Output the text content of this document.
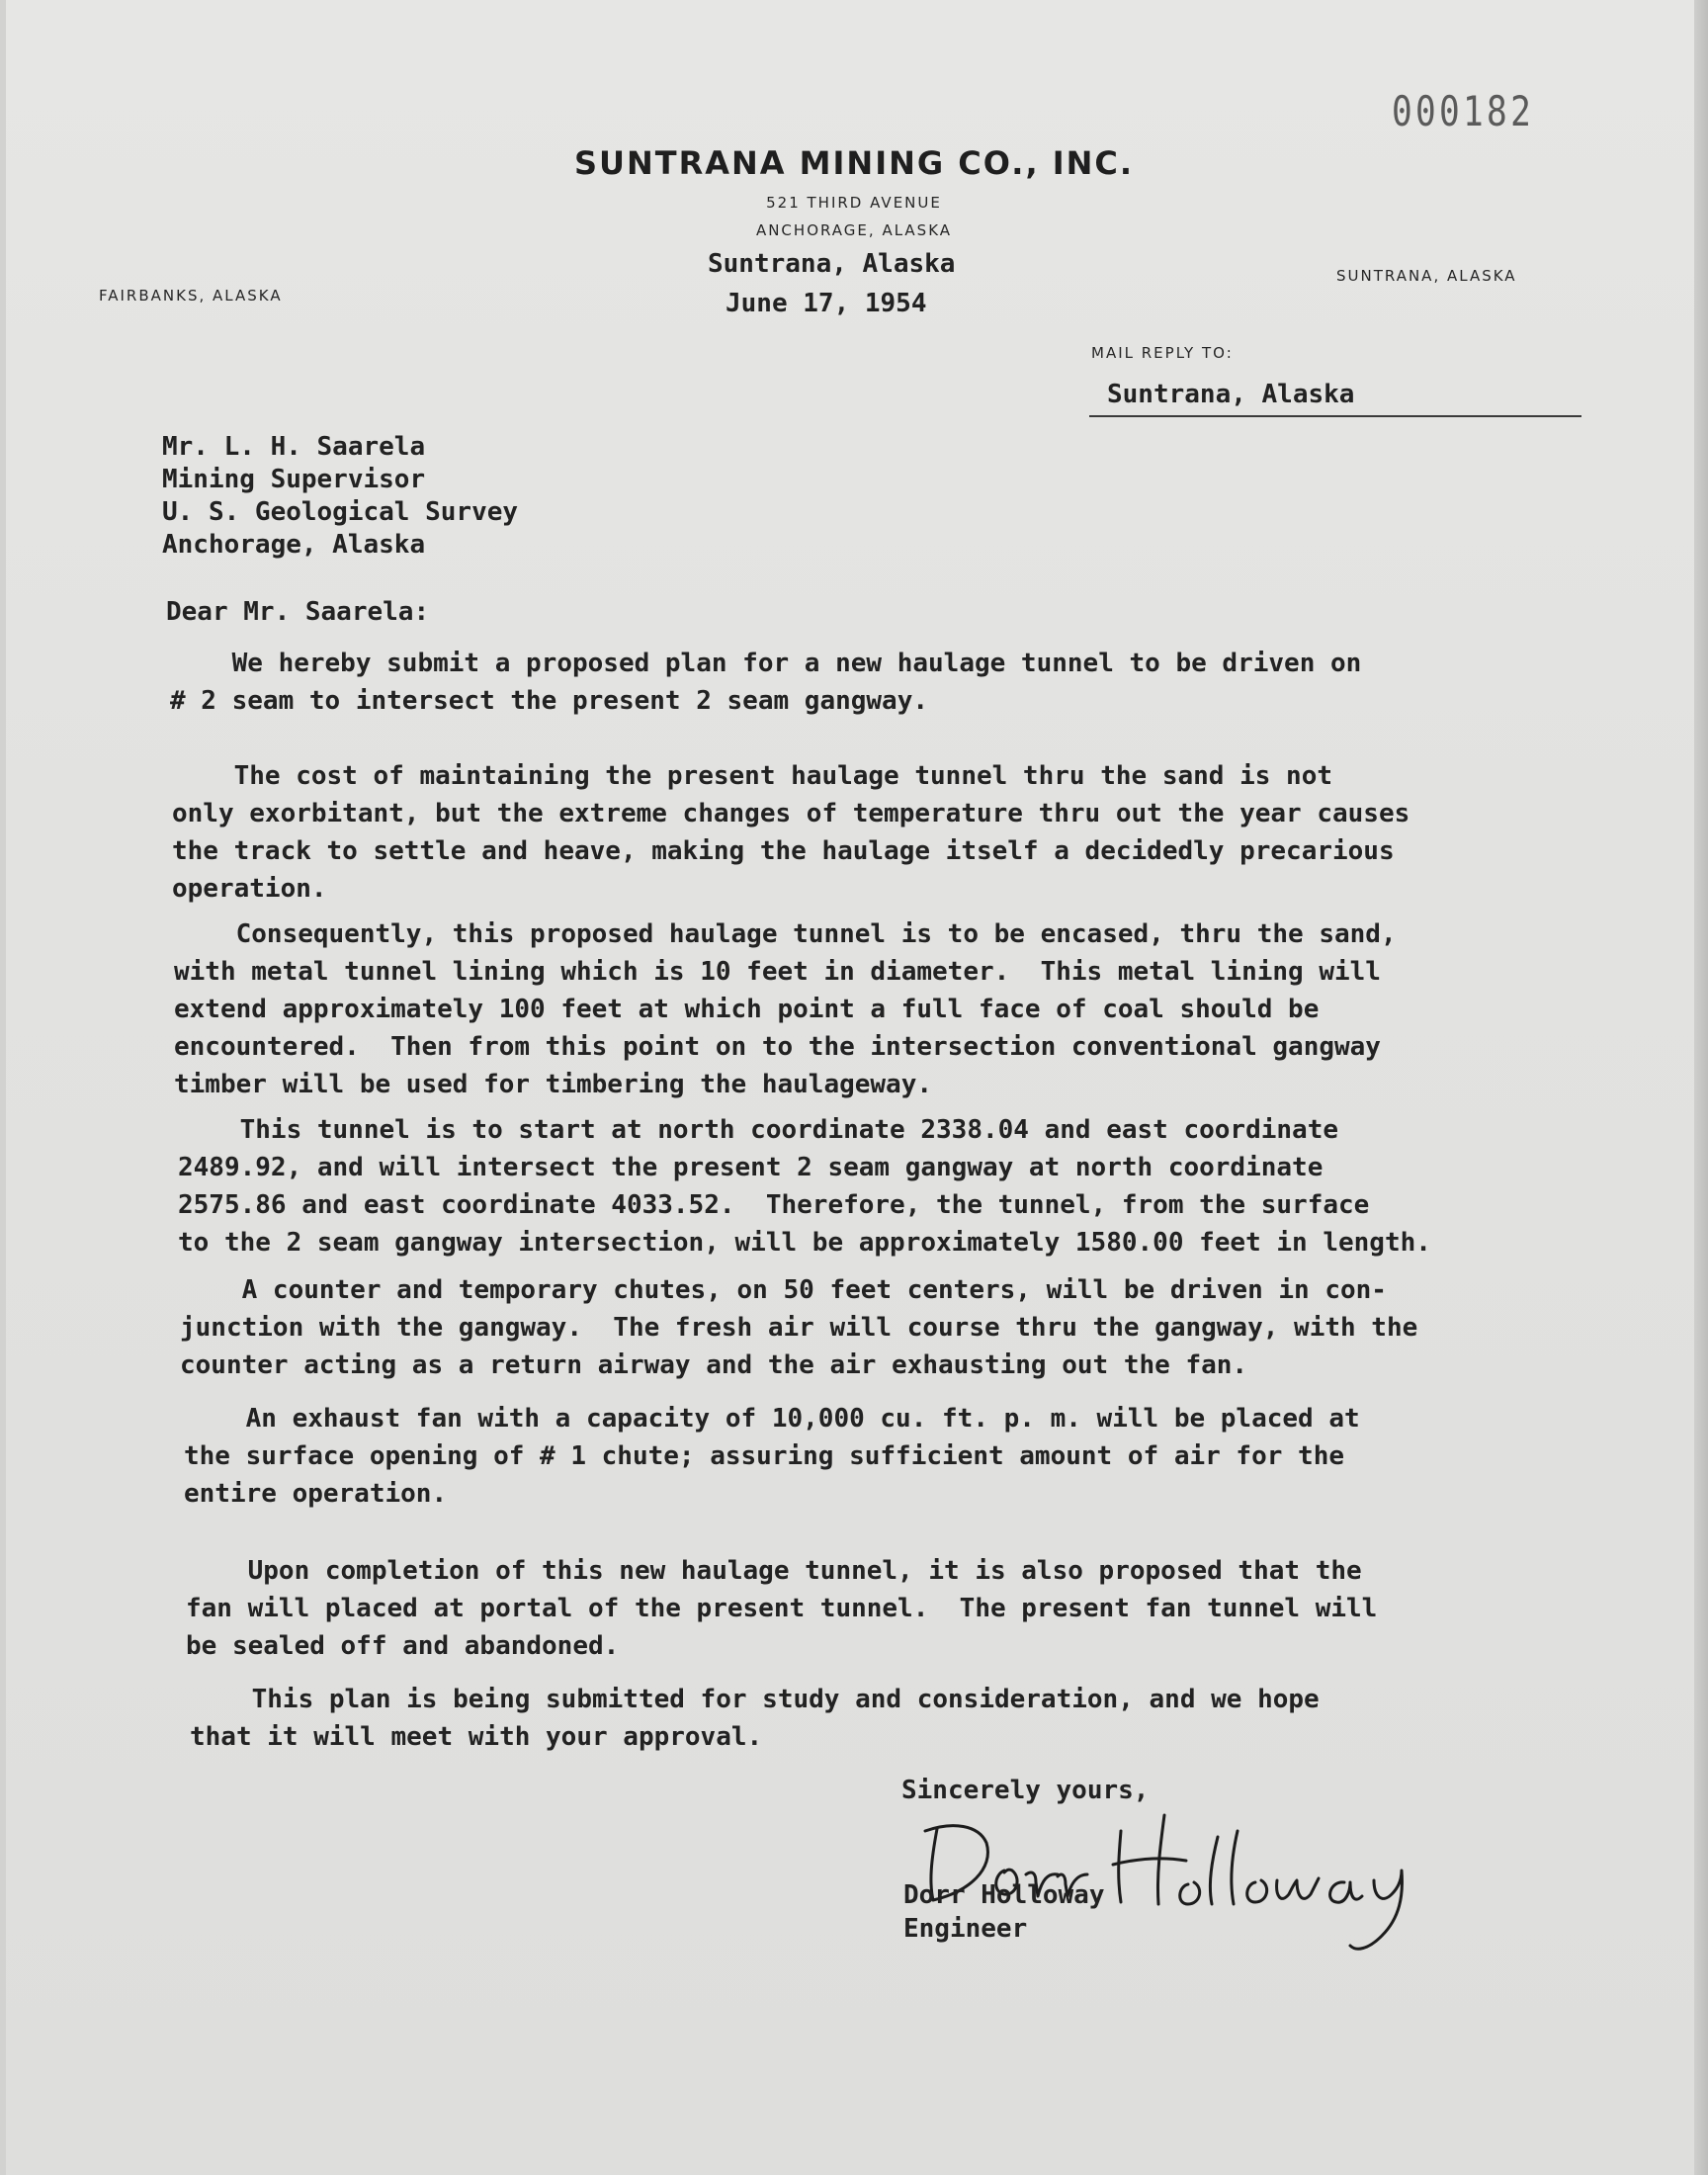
000182
SUNTRANA MINING CO., INC.
521 THIRD AVENUE
ANCHORAGE, ALASKA
FAIRBANKS, ALASKA
SUNTRANA, ALASKA
MAIL REPLY TO:
Suntrana, Alaska
June 17, 1954
Suntrana, Alaska
Mr. L. H. Saarela
Mining Supervisor
U. S. Geological Survey
Anchorage, Alaska
Dear Mr. Saarela:
We hereby submit a proposed plan for a new haulage tunnel to be driven on
# 2 seam to intersect the present 2 seam gangway.
The cost of maintaining the present haulage tunnel thru the sand is not
only exorbitant, but the extreme changes of temperature thru out the year causes
the track to settle and heave, making the haulage itself a decidedly precarious
operation.
Consequently, this proposed haulage tunnel is to be encased, thru the sand,
with metal tunnel lining which is 10 feet in diameter.  This metal lining will
extend approximately 100 feet at which point a full face of coal should be
encountered.  Then from this point on to the intersection conventional gangway
timber will be used for timbering the haulageway.
This tunnel is to start at north coordinate 2338.04 and east coordinate
2489.92, and will intersect the present 2 seam gangway at north coordinate
2575.86 and east coordinate 4033.52.  Therefore, the tunnel, from the surface
to the 2 seam gangway intersection, will be approximately 1580.00 feet in length.
A counter and temporary chutes, on 50 feet centers, will be driven in con-
junction with the gangway.  The fresh air will course thru the gangway, with the
counter acting as a return airway and the air exhausting out the fan.
An exhaust fan with a capacity of 10,000 cu. ft. p. m. will be placed at
the surface opening of # 1 chute; assuring sufficient amount of air for the
entire operation.
Upon completion of this new haulage tunnel, it is also proposed that the
fan will placed at portal of the present tunnel.  The present fan tunnel will
be sealed off and abandoned.
This plan is being submitted for study and consideration, and we hope
that it will meet with your approval.
Sincerely yours,
Dorr Holloway
Engineer
